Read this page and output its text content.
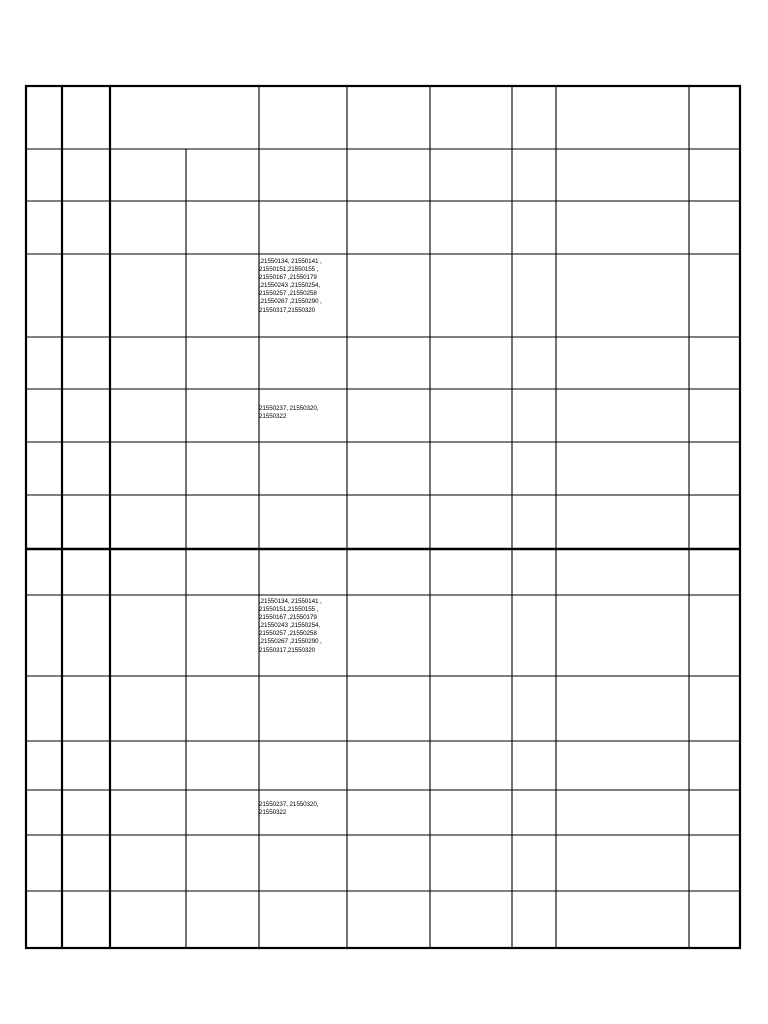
,21550134, 21550141 ,
21550151,21550155 ,
21550167 ,21550179
,21550243 ,21550254,
21550257 ,21550258
,21550267 ,21550290 ,
21550317,21550320
21550237, 21550320,
21550322
,21550134, 21550141 ,
21550151,21550155 ,
21550167 ,21550179
,21550243 ,21550254,
21550257 ,21550258
,21550267 ,21550290 ,
21550317,21550320
21550237, 21550320,
21550322
